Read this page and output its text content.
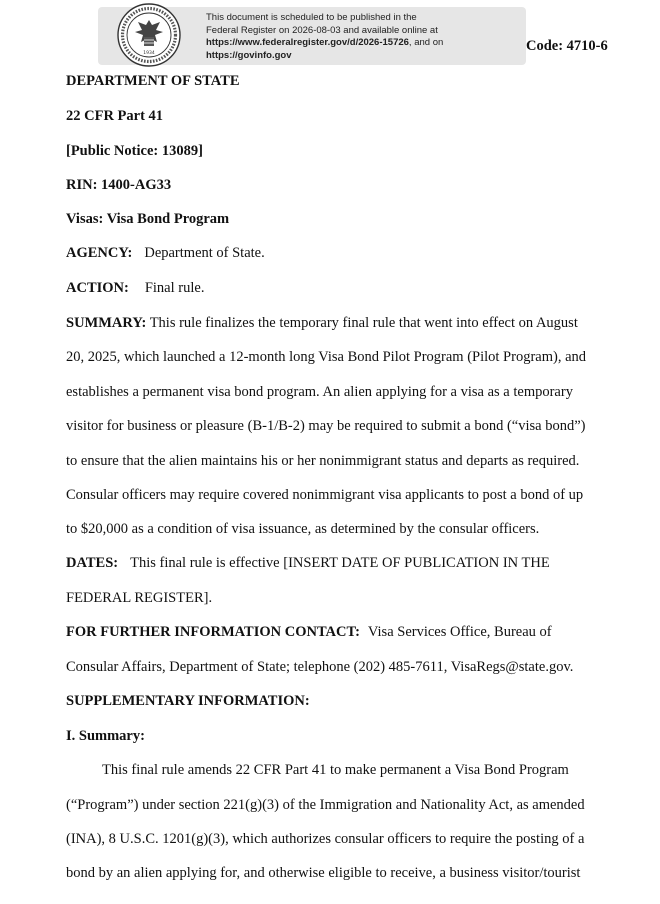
1934
This document is scheduled to be published in the
Federal Register on 2026-08-03 and available online at
https://www.federalregister.gov/d/2026-15726, and on
https://govinfo.gov
Code: 4710-6
DEPARTMENT OF STATE
22 CFR Part 41
[Public Notice: 13089]
RIN: 1400-AG33
Visas: Visa Bond Program
AGENCY: Department of State.
ACTION: Final rule.
SUMMARY: This rule finalizes the temporary final rule that went into effect on August
20, 2025, which launched a 12-month long Visa Bond Pilot Program (Pilot Program), and
establishes a permanent visa bond program. An alien applying for a visa as a temporary
visitor for business or pleasure (B-1/B-2) may be required to submit a bond (“visa bond”)
to ensure that the alien maintains his or her nonimmigrant status and departs as required.
Consular officers may require covered nonimmigrant visa applicants to post a bond of up
to $20,000 as a condition of visa issuance, as determined by the consular officers.
DATES: This final rule is effective [INSERT DATE OF PUBLICATION IN THE
FEDERAL REGISTER].
FOR FURTHER INFORMATION CONTACT: Visa Services Office, Bureau of
Consular Affairs, Department of State; telephone (202) 485-7611, VisaRegs@state.gov.
SUPPLEMENTARY INFORMATION:
I. Summary:
This final rule amends 22 CFR Part 41 to make permanent a Visa Bond Program
(“Program”) under section 221(g)(3) of the Immigration and Nationality Act, as amended
(INA), 8 U.S.C. 1201(g)(3), which authorizes consular officers to require the posting of a
bond by an alien applying for, and otherwise eligible to receive, a business visitor/tourist
